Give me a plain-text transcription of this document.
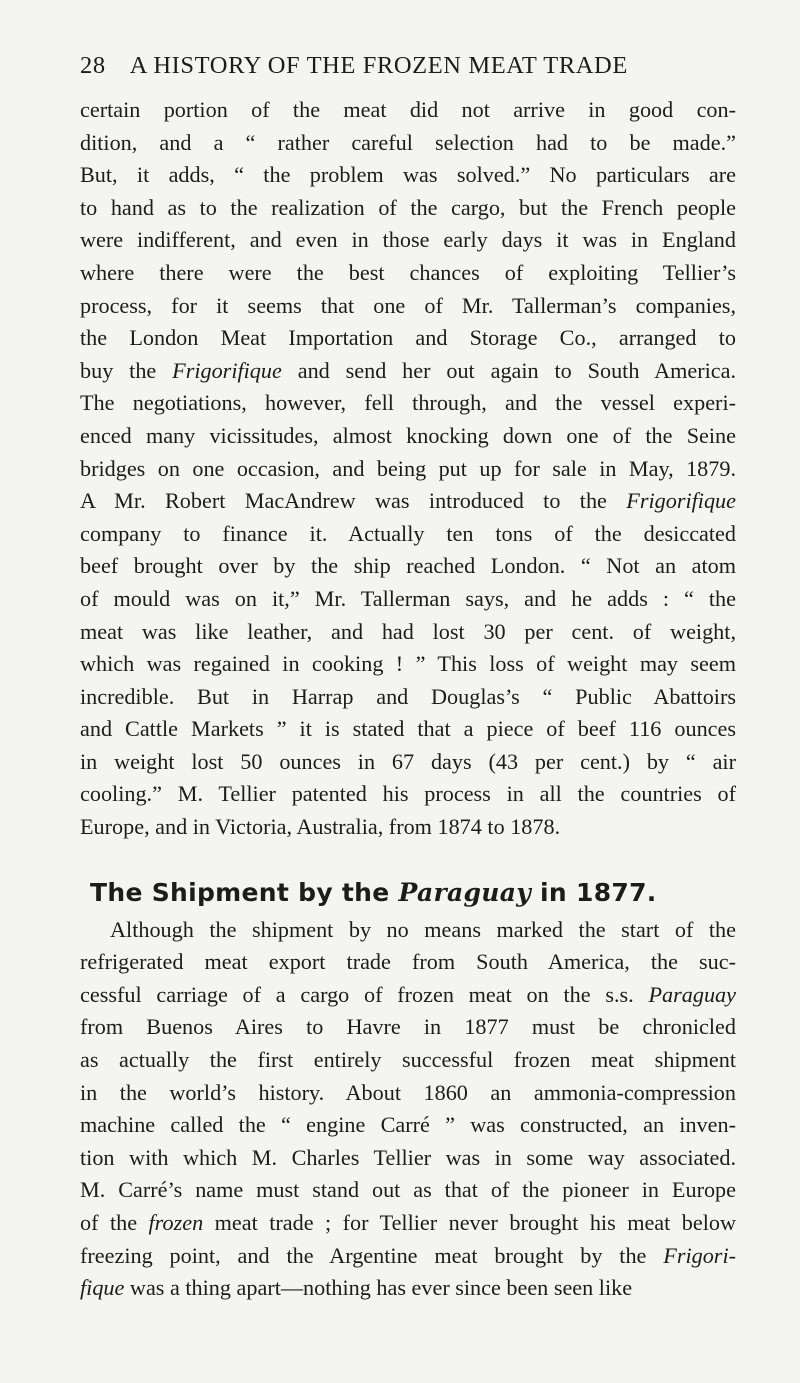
28 A HISTORY OF THE FROZEN MEAT TRADE
certain portion of the meat did not arrive in good con-
dition, and a “ rather careful selection had to be made.”
But, it adds, “ the problem was solved.” No particulars are
to hand as to the realization of the cargo, but the French people
were indifferent, and even in those early days it was in England
where there were the best chances of exploiting Tellier’s
process, for it seems that one of Mr. Tallerman’s companies,
the London Meat Importation and Storage Co., arranged to
buy the Frigorifique and send her out again to South America.
The negotiations, however, fell through, and the vessel experi-
enced many vicissitudes, almost knocking down one of the Seine
bridges on one occasion, and being put up for sale in May, 1879.
A Mr. Robert MacAndrew was introduced to the Frigorifique
company to finance it. Actually ten tons of the desiccated
beef brought over by the ship reached London. “ Not an atom
of mould was on it,” Mr. Tallerman says, and he adds : “ the
meat was like leather, and had lost 30 per cent. of weight,
which was regained in cooking ! ” This loss of weight may seem
incredible. But in Harrap and Douglas’s “ Public Abattoirs
and Cattle Markets ” it is stated that a piece of beef 116 ounces
in weight lost 50 ounces in 67 days (43 per cent.) by “ air
cooling.” M. Tellier patented his process in all the countries of
Europe, and in Victoria, Australia, from 1874 to 1878.
The Shipment by the Paraguay in 1877.
Although the shipment by no means marked the start of the
refrigerated meat export trade from South America, the suc-
cessful carriage of a cargo of frozen meat on the s.s. Paraguay
from Buenos Aires to Havre in 1877 must be chronicled
as actually the first entirely successful frozen meat shipment
in the world’s history. About 1860 an ammonia-compression
machine called the “ engine Carré ” was constructed, an inven-
tion with which M. Charles Tellier was in some way associated.
M. Carré’s name must stand out as that of the pioneer in Europe
of the frozen meat trade ; for Tellier never brought his meat below
freezing point, and the Argentine meat brought by the Frigori-
fique was a thing apart—nothing has ever since been seen like
